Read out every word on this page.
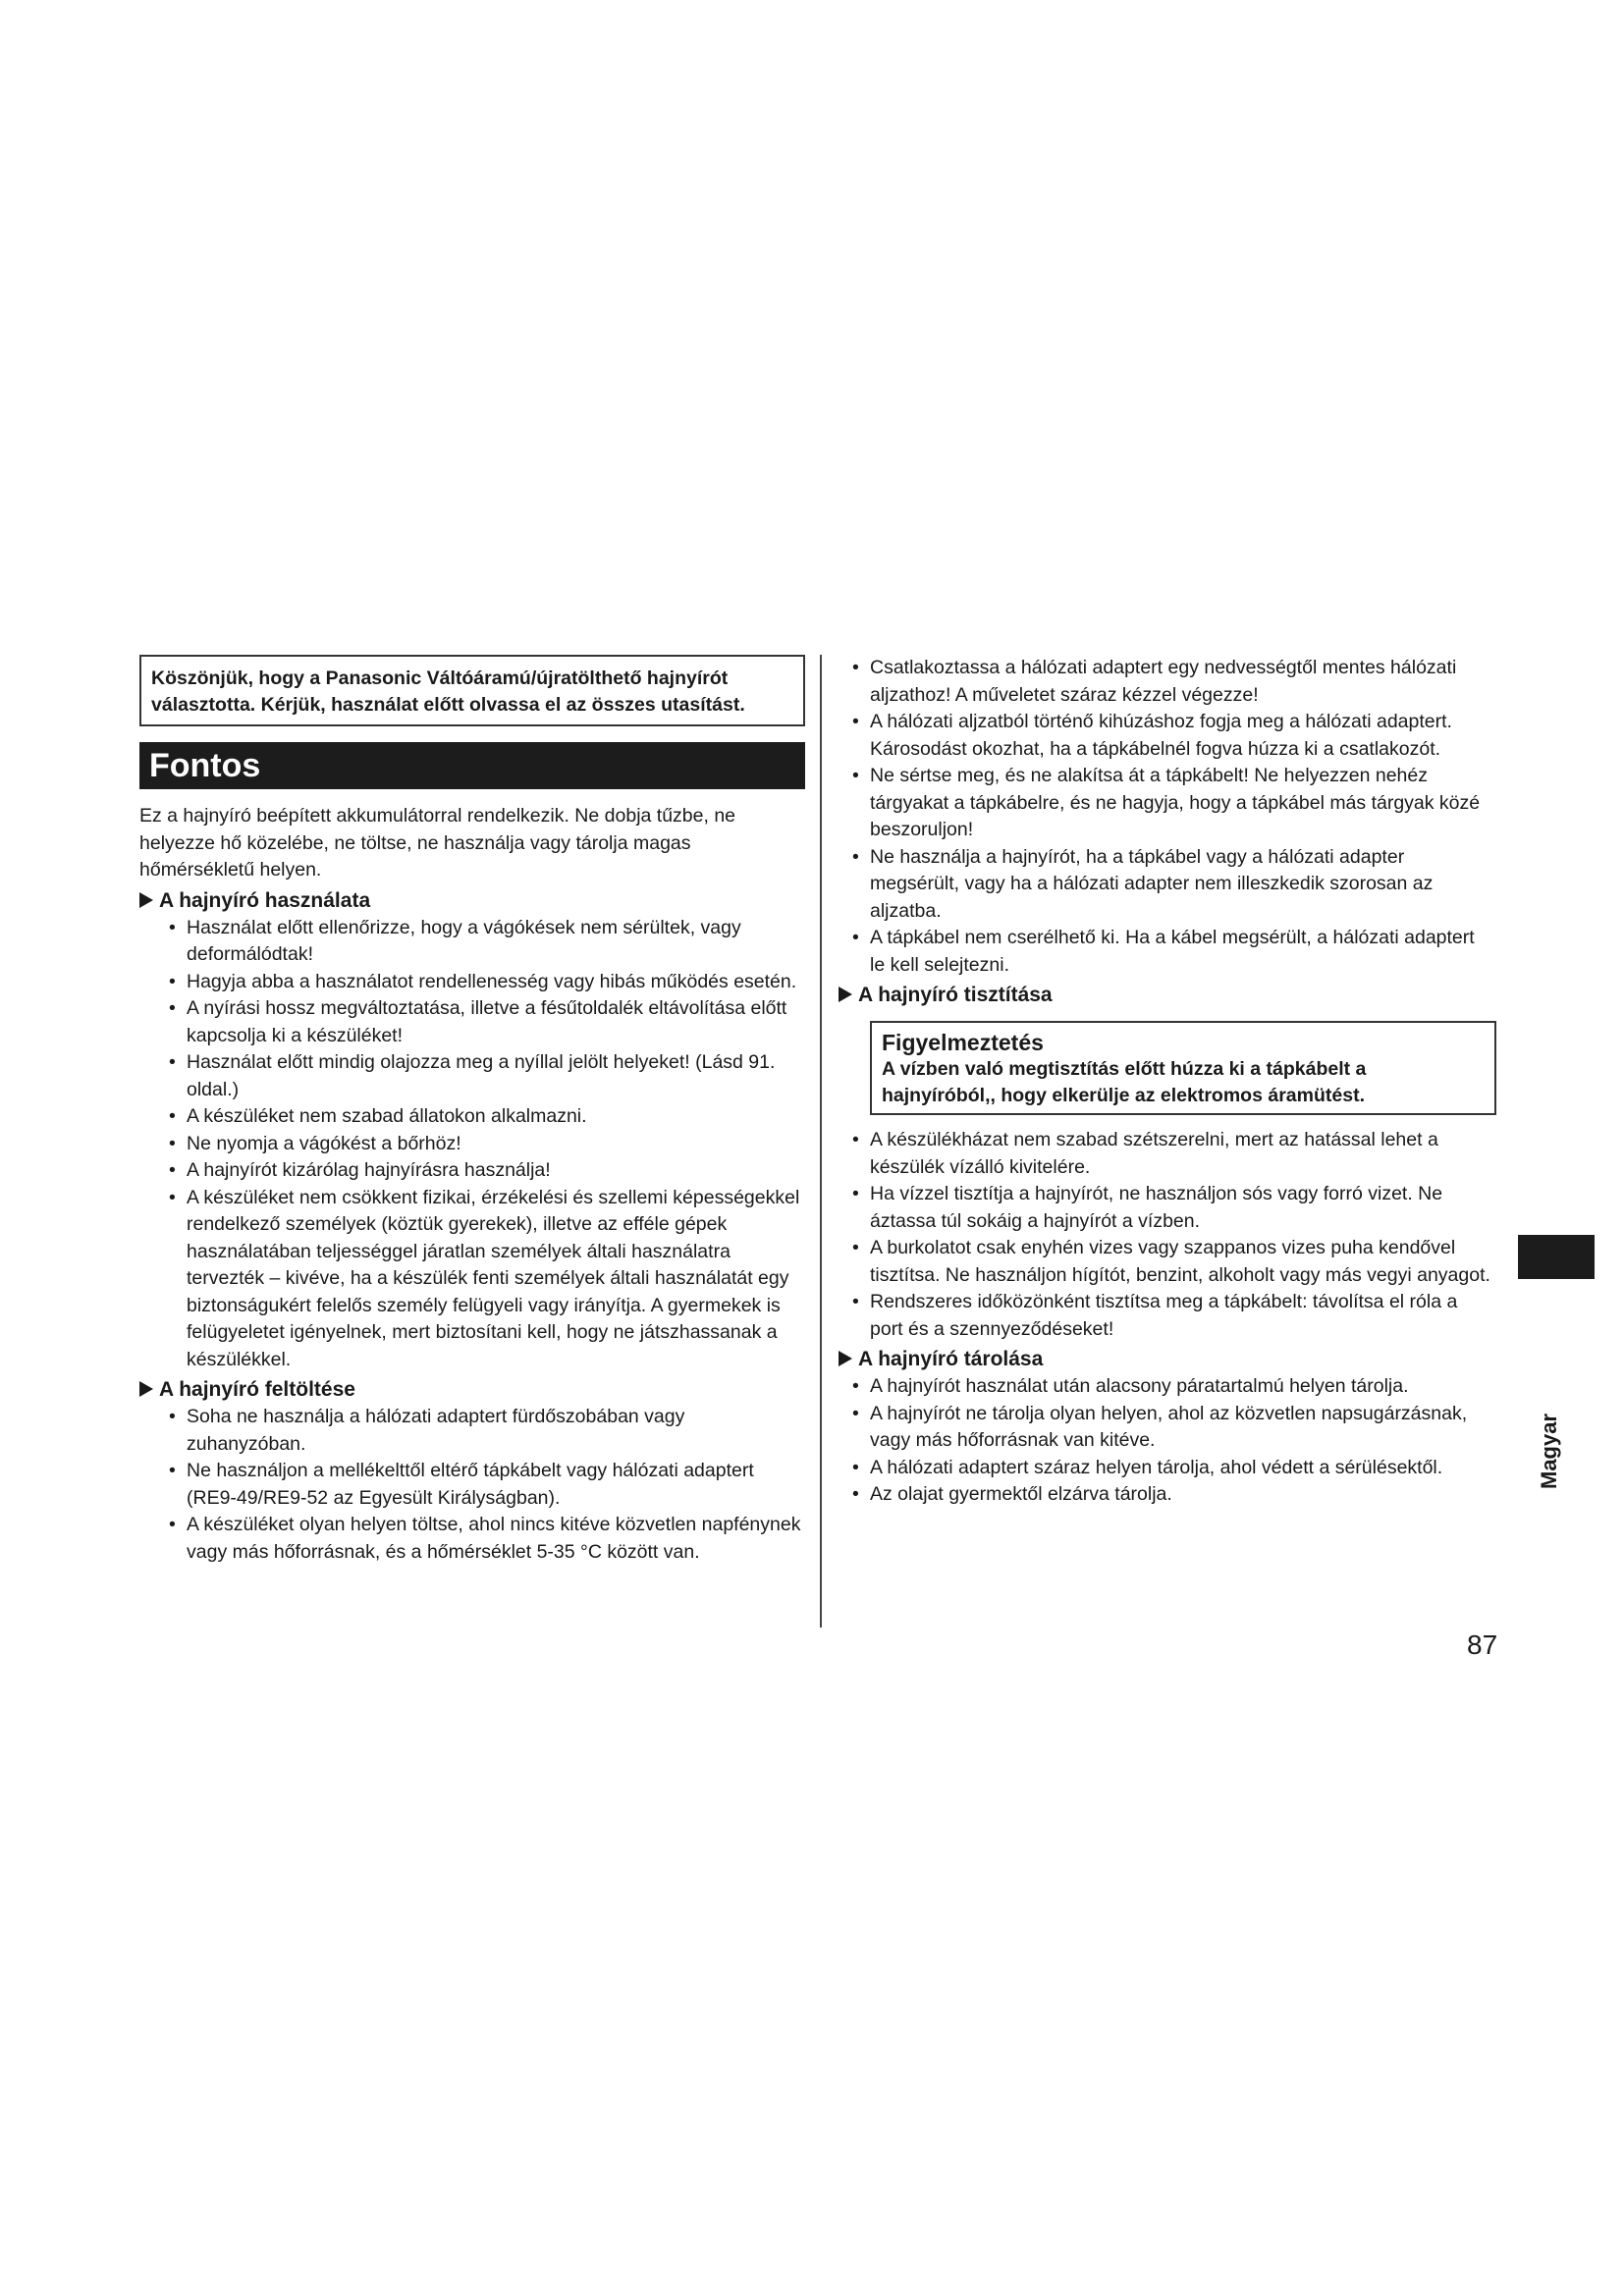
Köszönjük, hogy a Panasonic Váltóáramú/újratölthető hajnyírót választotta. Kérjük, használat előtt olvassa el az összes utasítást.
Fontos

Ez a hajnyíró beépített akkumulátorral rendelkezik. Ne dobja tűzbe, ne helyezze hő közelébe, ne töltse, ne használja vagy tárolja magas hőmérsékletű helyen.

A hajnyíró használata
• Használat előtt ellenőrizze, hogy a vágókések nem sérültek, vagy deformálódtak!
• Hagyja abba a használatot rendellenesség vagy hibás működés esetén.
• A nyírási hossz megváltoztatása, illetve a fésűtoldalék eltávolítása előtt kapcsolja ki a készüléket!
• Használat előtt mindig olajozza meg a nyíllal jelölt helyeket! (Lásd 91. oldal.)
• A készüléket nem szabad állatokon alkalmazni.
• Ne nyomja a vágókést a bőrhöz!
• A hajnyírót kizárólag hajnyírásra használja!
• A készüléket nem csökkent fizikai, érzékelési és szellemi képességekkel rendelkező személyek (köztük gyerekek), illetve az efféle gépek használatában teljességgel járatlan személyek általi használatra tervezték – kivéve, ha a készülék fenti személyek általi használatát egy biztonságukért felelős személy felügyeli vagy irányítja. A gyermekek is felügyeletet igényelnek, mert biztosítani kell, hogy ne játszhassanak a készülékkel.
A hajnyíró feltöltése
• Soha ne használja a hálózati adaptert fürdőszobában vagy zuhanyzóban.
• Ne használjon a mellékelttől eltérő tápkábelt vagy hálózati adaptert (RE9-49/RE9-52 az Egyesült Királyságban).
• A készüléket olyan helyen töltse, ahol nincs kitéve közvetlen napfénynek vagy más hőforrásnak, és a hőmérséklet 5-35 °C között van.
• Csatlakoztassa a hálózati adaptert egy nedvességtől mentes hálózati aljzathoz! A műveletet száraz kézzel végezze!
• A hálózati aljzatból történő kihúzáshoz fogja meg a hálózati adaptert. Károsodást okozhat, ha a tápkábelnél fogva húzza ki a csatlakozót.
• Ne sértse meg, és ne alakítsa át a tápkábelt! Ne helyezzen nehéz tárgyakat a tápkábelre, és ne hagyja, hogy a tápkábel más tárgyak közé beszoruljon!
• Ne használja a hajnyírót, ha a tápkábel vagy a hálózati adapter megsérült, vagy ha a hálózati adapter nem illeszkedik szorosan az aljzatba.
• A tápkábel nem cserélhető ki. Ha a kábel megsérült, a hálózati adaptert le kell selejtezni.
A hajnyíró tisztítása
Figyelmeztetés
A vízben való megtisztítás előtt húzza ki a tápkábelt a hajnyíróból,, hogy elkerülje az elektromos áramütést.
• A készülékházat nem szabad szétszerelni, mert az hatással lehet a készülék vízálló kivitelére.
• Ha vízzel tisztítja a hajnyírót, ne használjon sós vagy forró vizet. Ne áztassa túl sokáig a hajnyírót a vízben.
• A burkolatot csak enyhén vizes vagy szappanos vizes puha kendővel tisztítsa. Ne használjon hígítót, benzint, alkoholt vagy más vegyi anyagot.
• Rendszeres időközönként tisztítsa meg a tápkábelt: távolítsa el róla a port és a szennyeződéseket!
A hajnyíró tárolása
• A hajnyírót használat után alacsony páratartalmú helyen tárolja.
• A hajnyírót ne tárolja olyan helyen, ahol az közvetlen napsugárzásnak, vagy más hőforrásnak van kitéve.
• A hálózati adaptert száraz helyen tárolja, ahol védett a sérülésektől.
• Az olajat gyermektől elzárva tárolja.
Magyar
87
